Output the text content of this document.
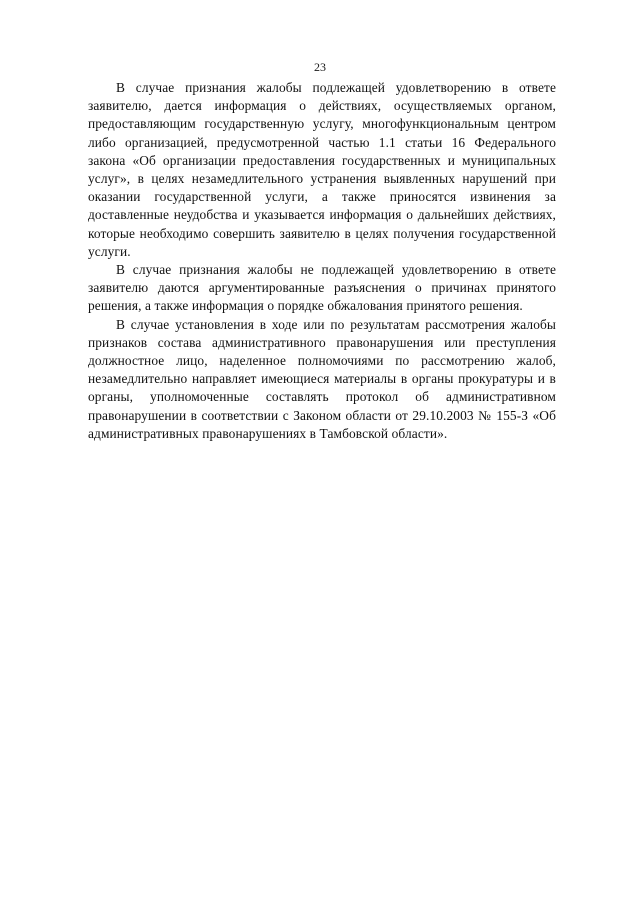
23

В случае признания жалобы подлежащей удовлетворению в ответе заявителю, дается информация о действиях, осуществляемых органом, предоставляющим государственную услугу, многофункциональным центром либо организацией, предусмотренной частью 1.1 статьи 16 Федерального закона «Об организации предоставления государственных и муниципальных услуг», в целях незамедлительного устранения выявленных нарушений при оказании государственной услуги, а также приносятся извинения за доставленные неудобства и указывается информация о дальнейших действиях, которые необходимо совершить заявителю в целях получения государственной услуги.

В случае признания жалобы не подлежащей удовлетворению в ответе заявителю даются аргументированные разъяснения о причинах принятого решения, а также информация о порядке обжалования принятого решения.

В случае установления в ходе или по результатам рассмотрения жалобы признаков состава административного правонарушения или преступления должностное лицо, наделенное полномочиями по рассмотрению жалоб, незамедлительно направляет имеющиеся материалы в органы прокуратуры и в органы, уполномоченные составлять протокол об административном правонарушении в соответствии с Законом области от 29.10.2003 № 155-З «Об административных правонарушениях в Тамбовской области».
